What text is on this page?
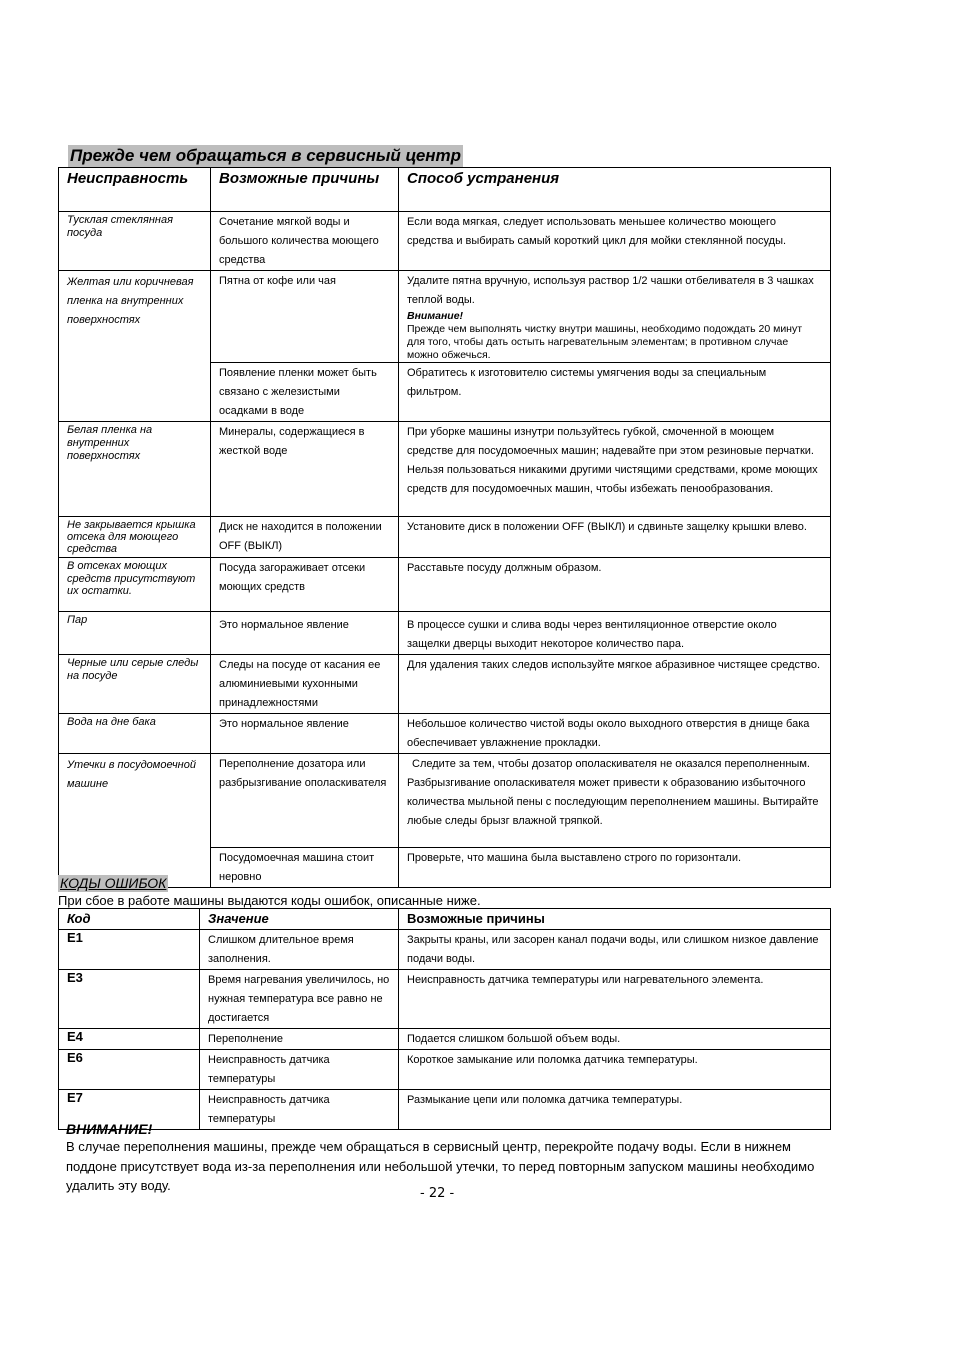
Прежде чем обращаться в сервисный центр
Неисправность	Возможные причины	Способ устранения
Тусклая стеклянная посуда	Сочетание мягкой воды и большого количества моющего средства	Если вода мягкая, следует использовать меньшее количество моющего средства и выбирать самый короткий цикл для мойки стеклянной посуды.
Желтая или коричневая пленка на внутренних поверхностях	Пятна от кофе или чая	Удалите пятна вручную, используя раствор 1/2 чашки отбеливателя в 3 чашках теплой воды.
Внимание!
Прежде чем выполнять чистку внутри машины, необходимо подождать 20 минут для того, чтобы дать остыть нагревательным элементам; в противном случае можно обжечься.

	Появление пленки может быть связано с железистыми осадками в воде	Обратитесь к изготовителю системы умягчения воды за специальным фильтром.
Белая пленка на внутренних поверхностях	Минералы, содержащиеся в жесткой воде	При уборке машины изнутри пользуйтесь губкой, смоченной в моющем средстве для посудомоечных машин; надевайте при этом резиновые перчатки. Нельзя пользоваться никакими другими чистящими средствами, кроме моющих средств для посудомоечных машин, чтобы избежать пенообразования.
Не закрывается крышка отсека для моющего средства	Диск не находится в положении OFF (ВЫКЛ)	Установите диск в положении OFF (ВЫКЛ) и сдвиньте защелку крышки влево.
В отсеках моющих средств присутствуют их остатки.	Посуда загораживает отсеки моющих средств	Расставьте посуду должным образом.
Пар	Это нормальное явление	В процессе сушки и слива воды через вентиляционное отверстие около защелки дверцы выходит некоторое количество пара.
Черные или серые следы на посуде	Следы на посуде от касания ее алюминиевыми кухонными принадлежностями	Для удаления таких следов используйте мягкое абразивное чистящее средство.
Вода на дне бака	Это нормальное явление	Небольшое количество чистой воды около выходного отверстия в днище бака обеспечивает увлажнение прокладки.
Утечки в посудомоечной машине	Переполнение дозатора или разбрызгивание ополаскивателя	Следите за тем, чтобы дозатор ополаскивателя не оказался переполненным.
Разбрызгивание ополаскивателя может привести к образованию избыточного количества мыльной пены с последующим переполнением машины. Вытирайте любые следы брызг влажной тряпкой.

	Посудомоечная машина стоит неровно	Проверьте, что машина была выставлено строго по горизонтали.
КОДЫ ОШИБОК
При сбое в работе машины выдаются коды ошибок, описанные ниже.
Код	Значение	Возможные причины
E1	Слишком длительное время заполнения.	Закрыты краны, или засорен канал подачи воды, или слишком низкое давление подачи воды.
E3	Время нагревания увеличилось, но нужная температура все равно не достигается	Неисправность датчика температуры или нагревательного элемента.
E4	Переполнение	Подается слишком большой объем воды.
E6	Неисправность датчика температуры	Короткое замыкание или поломка датчика температуры.
E7	Неисправность датчика температуры	Размыкание цепи или поломка датчика температуры.
ВНИМАНИЕ!
В случае переполнения машины, прежде чем обращаться в сервисный центр, перекройте подачу воды. Если в нижнем поддоне присутствует вода из-за переполнения или небольшой утечки, то перед повторным запуском машины необходимо удалить эту воду.
- 22 -
